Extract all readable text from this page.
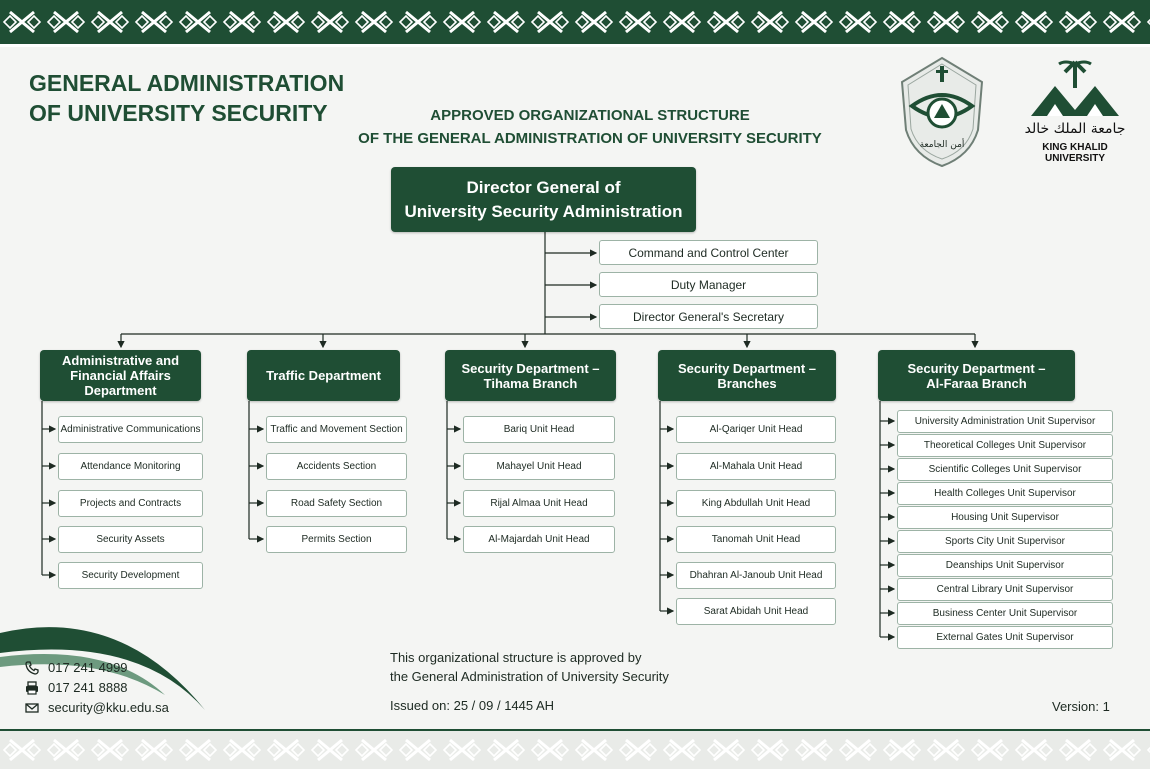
GENERAL ADMINISTRATION
OF UNIVERSITY SECURITY	APPROVED ORGANIZATIONAL STRUCTURE
OF THE GENERAL ADMINISTRATION OF UNIVERSITY SECURITY	أمن الجامعة
جامعة الملك خالد
KING KHALID UNIVERSITY
Director General of
University Security Administration
Command and Control Center
Duty Manager
Director General's Secretary
Administrative and
Financial Affairs
Department
Traffic Department	Security Department –
Tihama Branch
Security Department –
Branches
Security Department –
Al-Faraa Branch
Administrative Communications
Attendance Monitoring
Projects and Contracts
Security Assets
Security Development
Traffic and Movement Section
Accidents Section
Road Safety Section
Permits Section
Bariq Unit Head
Mahayel Unit Head
Rijal Almaa Unit Head
Al-Majardah Unit Head
Al-Qariqer Unit Head
Al-Mahala Unit Head
King Abdullah Unit Head
Tanomah Unit Head
Dhahran Al-Janoub Unit Head
Sarat Abidah Unit Head
University Administration Unit Supervisor
Theoretical Colleges Unit Supervisor
Scientific Colleges Unit Supervisor
Health Colleges Unit Supervisor
Housing Unit Supervisor
Sports City Unit Supervisor
Deanships Unit Supervisor
Central Library Unit Supervisor
Business Center Unit Supervisor
External Gates Unit Supervisor
017 241 4999
017 241 8888
security@kku.edu.sa
This organizational structure is approved by
the General Administration of University Security
Issued on: 25 / 09 / 1445 AH	Version: 1
